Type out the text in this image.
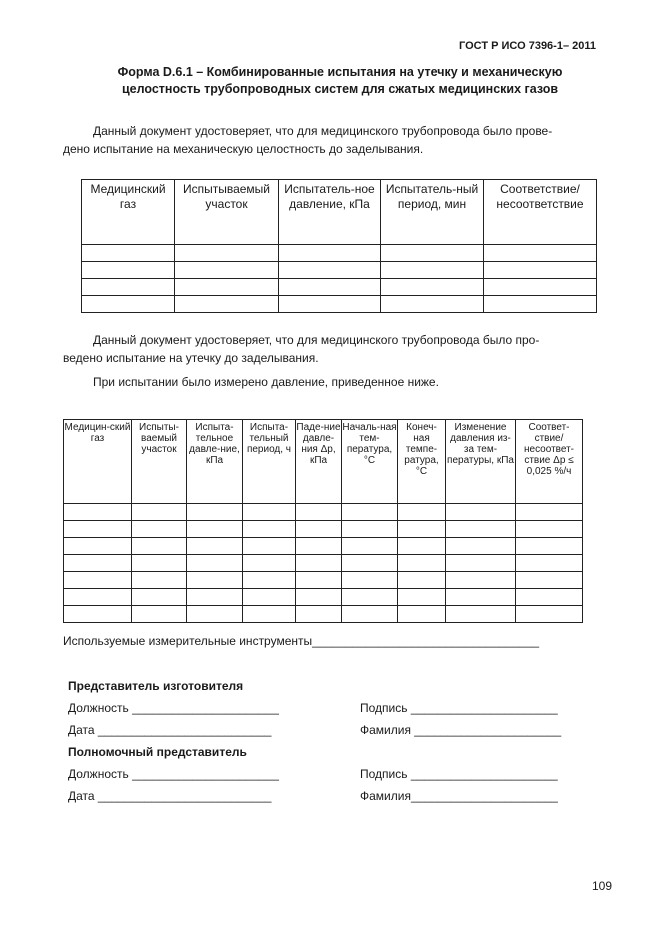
ГОСТ Р ИСО 7396-1– 2011
Форма D.6.1 – Комбинированные испытания на утечку и механическую
целостность трубопроводных систем для сжатых медицинских газов
Данный документ удостоверяет, что для медицинского трубопровода было прове-
дено испытание на механическую целостность до заделывания.
Медицинский газ	Испытываемый участок	Испытатель-ное давление, кПа	Испытатель-ный период, мин	Соответствие/ несоответствие

Данный документ удостоверяет, что для медицинского трубопровода было про-
ведено испытание на утечку до заделывания.
При испытании было измерено давление, приведенное ниже.
Медицин-ский газ	Испыты-ваемый участок	Испыта-тельное давле-ние, кПа	Испыта-тельный период, ч	Паде-ние давле-ния Δp, кПа	Началь-ная тем-пература, °C	Конеч-ная темпе-ратура, °C	Изменение давления из-за тем-пературы, кПа	Соответ-ствие/ несоответ-ствие Δp ≤ 0,025 %/ч

Используемые измерительные инструменты__________________________________
Представитель изготовителя
Должность ______________________	Подпись ______________________
Дата __________________________	Фамилия ______________________
Полномочный представитель
Должность ______________________	Подпись ______________________
Дата __________________________	Фамилия______________________
109
